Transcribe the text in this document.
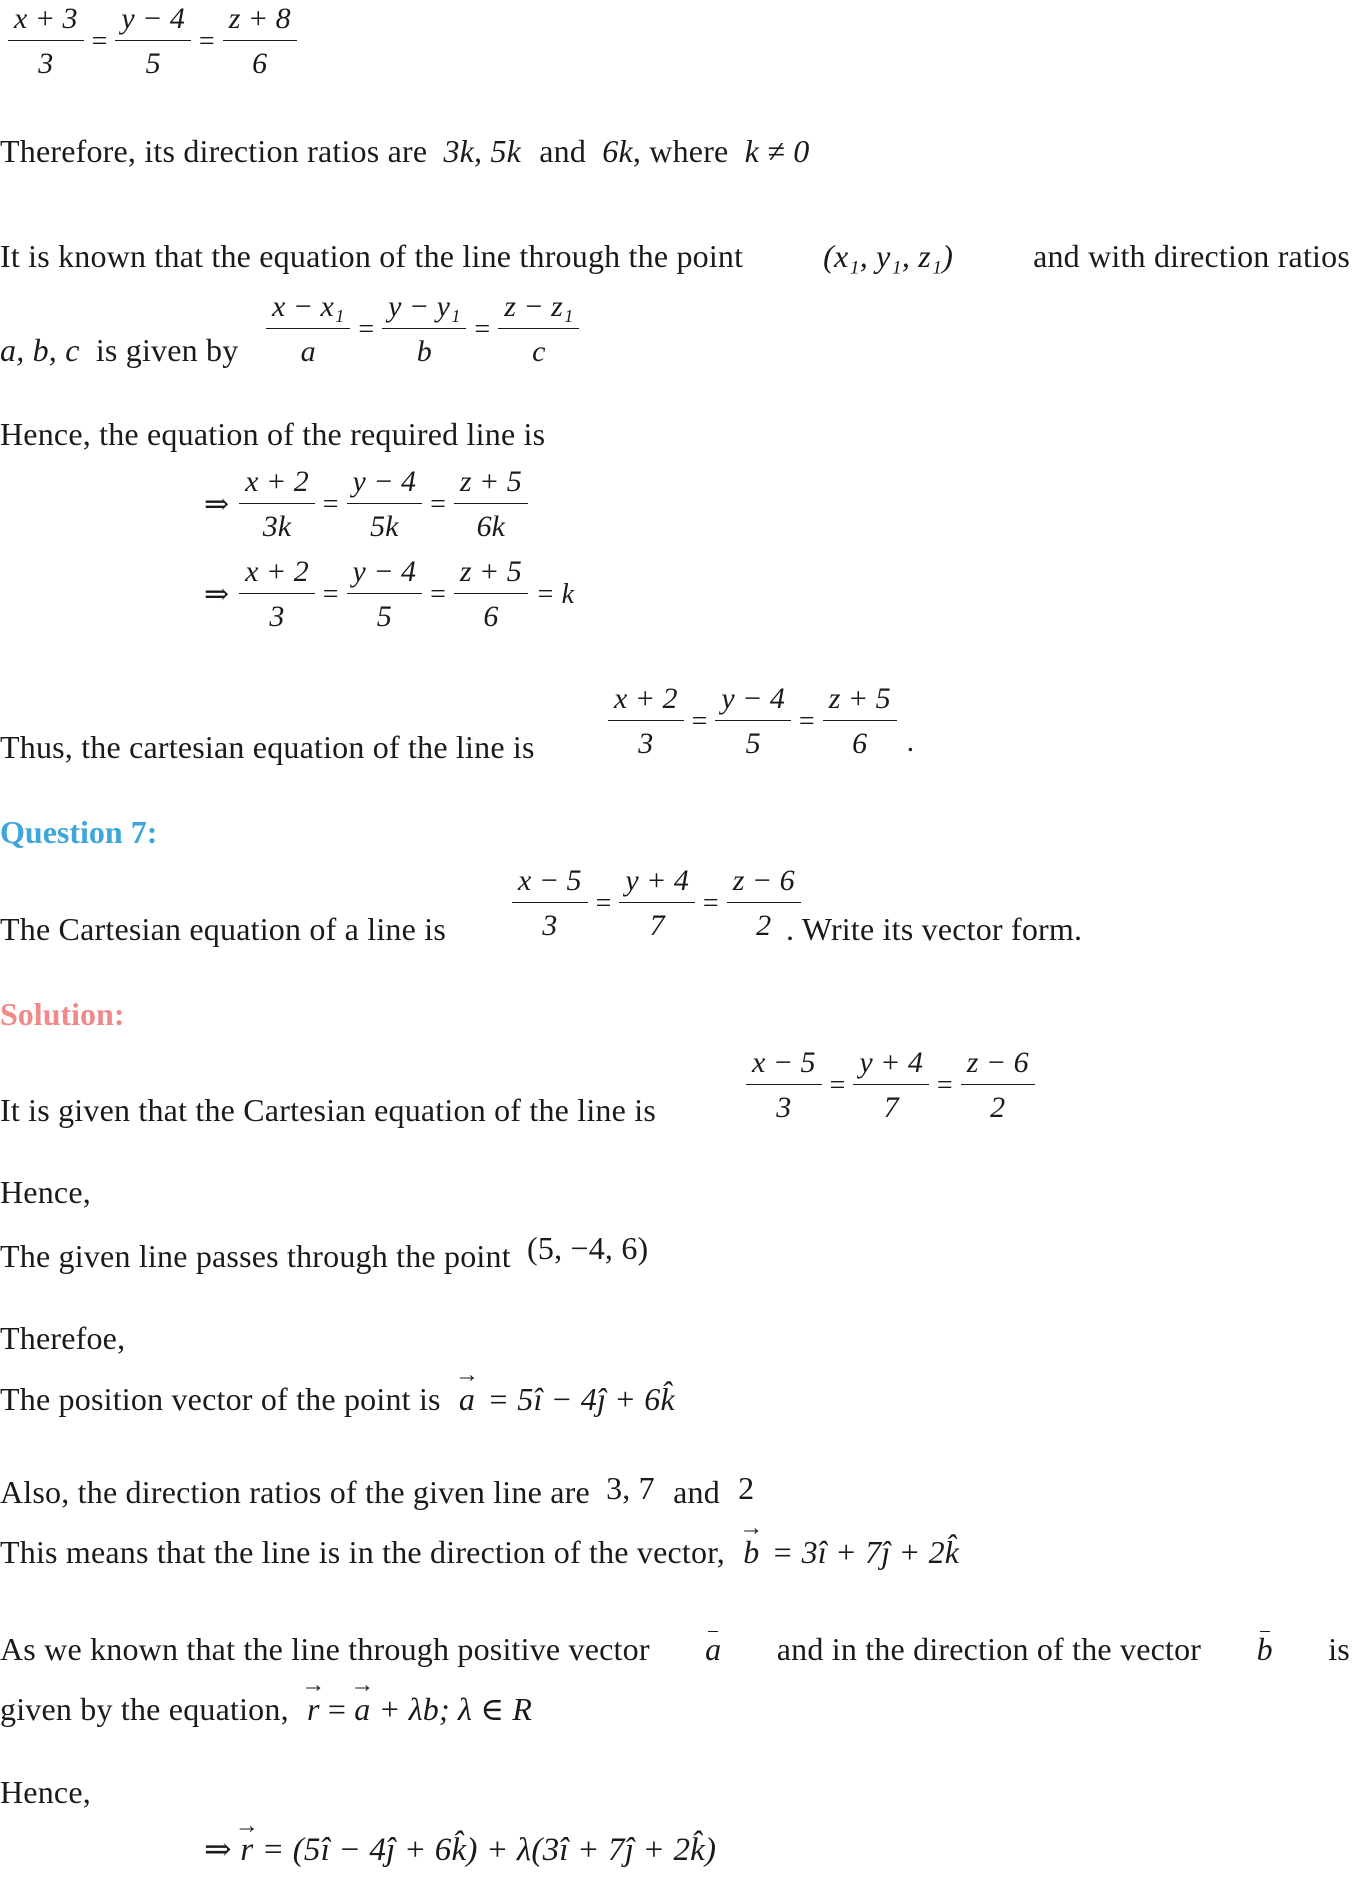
$\frac{x + 3}{3} = \frac{y - 4}{5} = \frac{z + 8}{6}$
Therefore, its direction ratios are 3k, 5k and 6k, where k ≠ 0
It is known that the equation of the line through the point (x₁, y₁, z₁) and with direction ratios
a, b, c is given by $\frac{\text{x − x₁}}{a} = \frac{\text{y − y₁}}{b} = \frac{\text{z − z₁}}{c}$
Hence, the equation of the required line is
⇒ $\frac{x + 2}{3k} = \frac{y - 4}{5k} = \frac{z + 5}{6k}$
⇒ $\frac{x + 2}{3} = \frac{y - 4}{5} = \frac{z + 5}{6} = k$
Thus, the cartesian equation of the line is $\frac{x + 2}{3} = \frac{y - 4}{5} = \frac{z + 5}{6}$ .
Question 7:
The Cartesian equation of a line is $\frac{x - 5}{3} = \frac{y + 4}{7} = \frac{z - 6}{2}$
. Write its vector form.
Solution:
It is given that the Cartesian equation of the line is	$\frac{x - 5}{3} = \frac{y + 4}{7} = \frac{z - 6}{2}$
Hence,
The given line passes through the point (5, −4, 6)
Therefoe,
The position vector of the point is → a = 5î − 4ĵ + 6k̂
Also, the direction ratios of the given line are 3, 7 and 2
This means that the line is in the direction of the vector, → b = 3î + 7ĵ + 2k̂
As we known that the line through positive vector a and in the direction of the vector b is
given by the equation, → r = → a + λb; λ ∈ R
Hence,
⇒ → r = (5î − 4ĵ + 6k̂) + λ(3î + 7ĵ + 2k̂)
